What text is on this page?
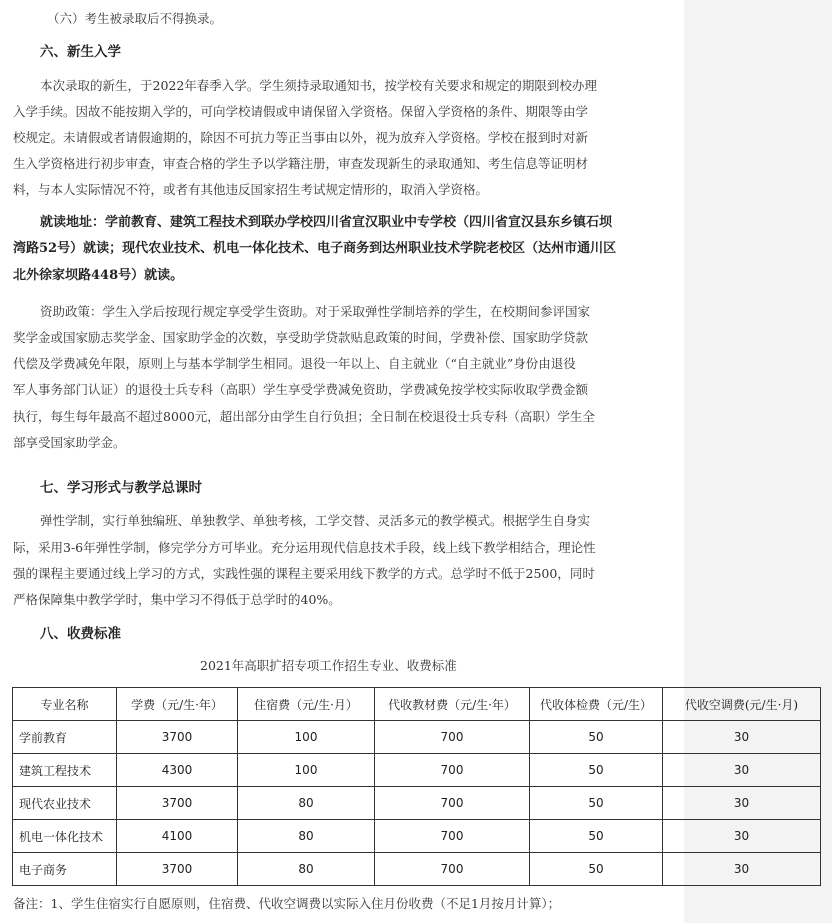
（六）考生被录取后不得换录。
六、新生入学
本次录取的新生，于2022年春季入学。学生须持录取通知书，按学校有关要求和规定的期限到校办理
入学手续。因故不能按期入学的，可向学校请假或申请保留入学资格。保留入学资格的条件、期限等由学
校规定。未请假或者请假逾期的，除因不可抗力等正当事由以外，视为放弃入学资格。学校在报到时对新
生入学资格进行初步审查，审查合格的学生予以学籍注册，审查发现新生的录取通知、考生信息等证明材
料，与本人实际情况不符，或者有其他违反国家招生考试规定情形的，取消入学资格。
就读地址：学前教育、建筑工程技术到联办学校四川省宣汉职业中专学校（四川省宣汉县东乡镇石坝
湾路52号）就读；现代农业技术、机电一体化技术、电子商务到达州职业技术学院老校区（达州市通川区
北外徐家坝路448号）就读。
资助政策：学生入学后按现行规定享受学生资助。对于采取弹性学制培养的学生，在校期间参评国家
奖学金或国家励志奖学金、国家助学金的次数，享受助学贷款贴息政策的时间，学费补偿、国家助学贷款
代偿及学费减免年限，原则上与基本学制学生相同。退役一年以上、自主就业（“自主就业”身份由退役
军人事务部门认证）的退役士兵专科（高职）学生享受学费减免资助，学费减免按学校实际收取学费金额
执行，每生每年最高不超过8000元，超出部分由学生自行负担；全日制在校退役士兵专科（高职）学生全
部享受国家助学金。
七、学习形式与教学总课时
弹性学制，实行单独编班、单独教学、单独考核，工学交替、灵活多元的教学模式。根据学生自身实
际，采用3-6年弹性学制，修完学分方可毕业。充分运用现代信息技术手段，线上线下教学相结合，理论性
强的课程主要通过线上学习的方式，实践性强的课程主要采用线下教学的方式。总学时不低于2500，同时
严格保障集中教学学时，集中学习不得低于总学时的40%。
八、收费标准
2021年高职扩招专项工作招生专业、收费标准
专业名称	学费（元/生·年）	住宿费（元/生·月）	代收教材费（元/生·年）	代收体检费（元/生）	代收空调费(元/生·月)
学前教育	3700	100	700	50	30
建筑工程技术	4300	100	700	50	30
现代农业技术	3700	80	700	50	30
机电一体化技术	4100	80	700	50	30
电子商务	3700	80	700	50	30
备注：1、学生住宿实行自愿原则，住宿费、代收空调费以实际入住月份收费（不足1月按月计算）；
